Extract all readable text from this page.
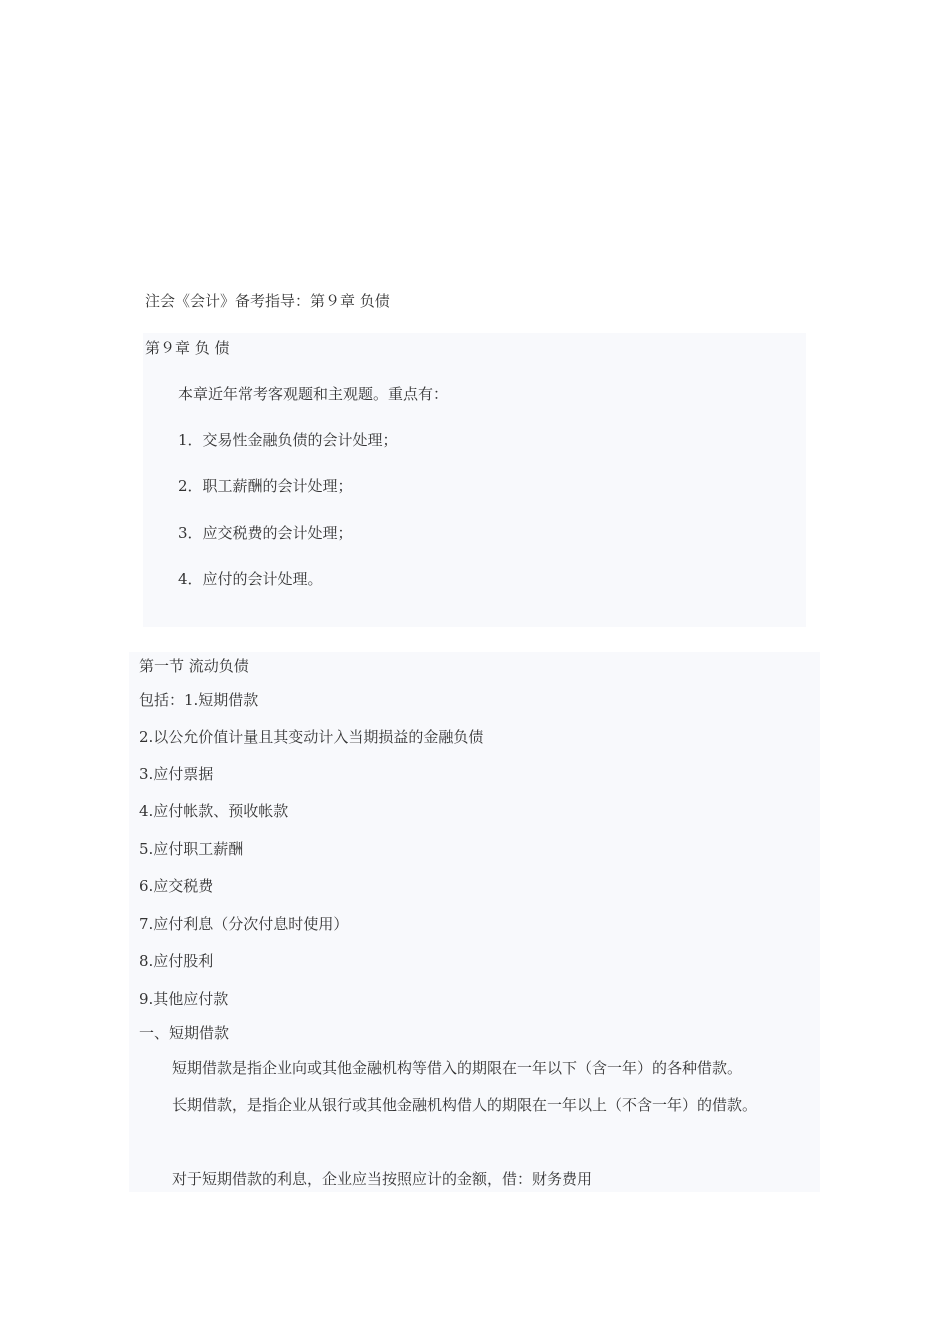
注会《会计》备考指导：第９章 负债
第９章 负 债
本章近年常考客观题和主观题。重点有：
1．交易性金融负债的会计处理；
2．职工薪酬的会计处理；
3．应交税费的会计处理；
4．应付的会计处理。
第一节 流动负债
包括：1.短期借款
2.以公允价值计量且其变动计入当期损益的金融负债
3.应付票据
4.应付帐款、预收帐款
5.应付职工薪酬
6.应交税费
7.应付利息（分次付息时使用）
8.应付股利
9.其他应付款
一、短期借款
短期借款是指企业向或其他金融机构等借入的期限在一年以下（含一年）的各种借款。
长期借款，是指企业从银行或其他金融机构借人的期限在一年以上（不含一年）的借款。
对于短期借款的利息，企业应当按照应计的金额，借：财务费用
